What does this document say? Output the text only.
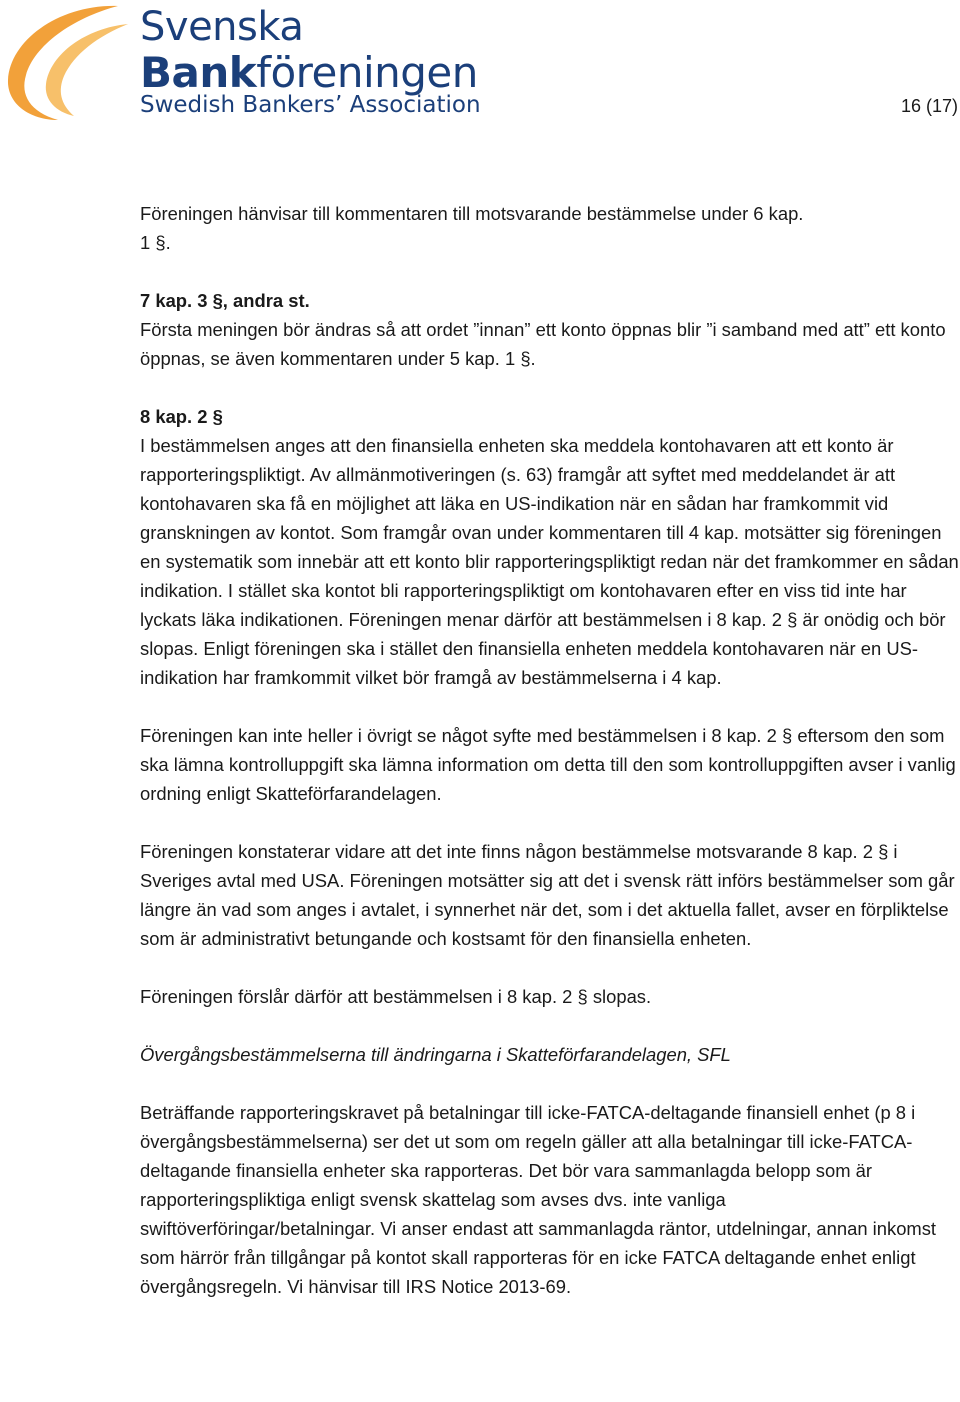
Svenska
Bankföreningen
Swedish Bankers’ Association	16 (17)

Föreningen hänvisar till kommentaren till motsvarande bestämmelse under 6 kap.
1 §.

7 kap. 3 §, andra st.

Första meningen bör ändras så att ordet ”innan” ett konto öppnas blir ”i samband med att” ett konto öppnas, se även kommentaren under 5 kap. 1 §.

8 kap. 2 §

I bestämmelsen anges att den finansiella enheten ska meddela kontohavaren att ett konto är rapporteringspliktigt. Av allmänmotiveringen (s. 63) framgår att syftet med meddelandet är att kontohavaren ska få en möjlighet att läka en US-indikation när en sådan har framkommit vid granskningen av kontot. Som framgår ovan under kommentaren till 4 kap. motsätter sig föreningen en systematik som innebär att ett konto blir rapporteringspliktigt redan när det framkommer en sådan indikation. I stället ska kontot bli rapporteringspliktigt om kontohavaren efter en viss tid inte har lyckats läka indikationen. Föreningen menar därför att bestämmelsen i 8 kap. 2 § är onödig och bör slopas. Enligt föreningen ska i stället den finansiella enheten meddela kontohavaren när en US-indikation har framkommit vilket bör framgå av bestämmelserna i 4 kap.

Föreningen kan inte heller i övrigt se något syfte med bestämmelsen i 8 kap. 2 § eftersom den som ska lämna kontrolluppgift ska lämna information om detta till den som kontrolluppgiften avser i vanlig ordning enligt Skatteförfarandelagen.

Föreningen konstaterar vidare att det inte finns någon bestämmelse motsvarande 8 kap. 2 § i Sveriges avtal med USA. Föreningen motsätter sig att det i svensk rätt införs bestämmelser som går längre än vad som anges i avtalet, i synnerhet när det, som i det aktuella fallet, avser en förpliktelse som är administrativt betungande och kostsamt för den finansiella enheten.

Föreningen förslår därför att bestämmelsen i 8 kap. 2 § slopas.

Övergångsbestämmelserna till ändringarna i Skatteförfarandelagen, SFL

Beträffande rapporteringskravet på betalningar till icke-FATCA-deltagande finansiell enhet (p 8 i övergångsbestämmelserna) ser det ut som om regeln gäller att alla betalningar till icke-FATCA-deltagande finansiella enheter ska rapporteras. Det bör vara sammanlagda belopp som är rapporteringspliktiga enligt svensk skattelag som avses dvs. inte vanliga swiftöverföringar/betalningar. Vi anser endast att sammanlagda räntor, utdelningar, annan inkomst som härrör från tillgångar på kontot skall rapporteras för en icke FATCA deltagande enhet enligt övergångsregeln. Vi hänvisar till IRS Notice 2013-69.
